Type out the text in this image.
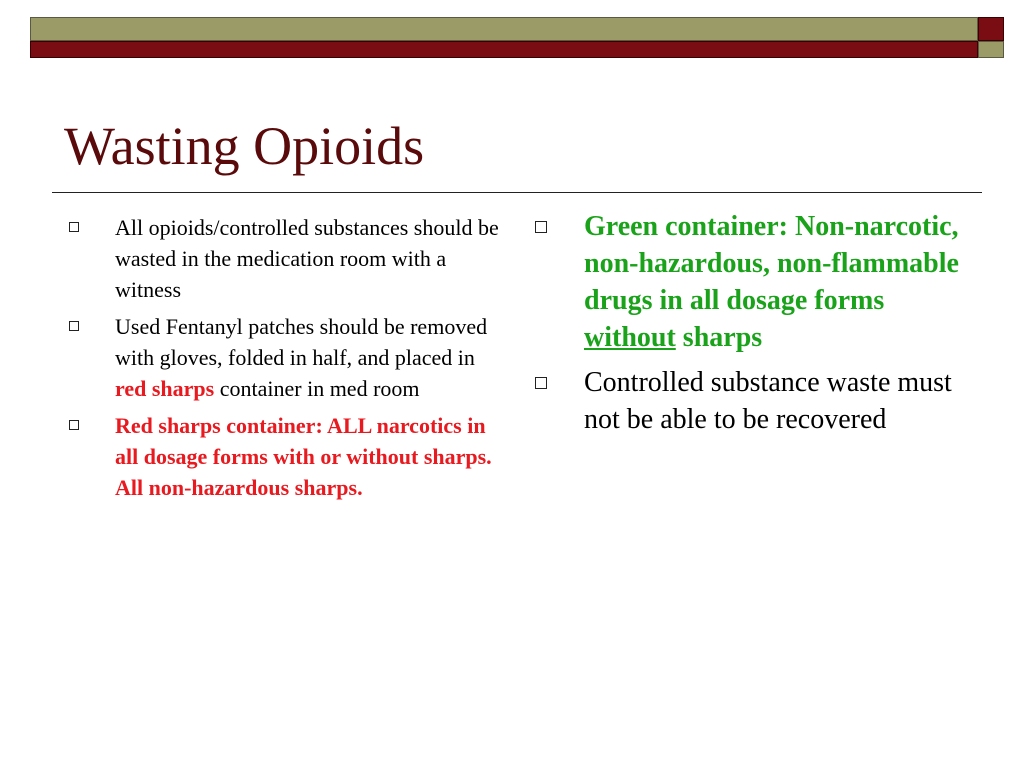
Wasting Opioids
All opioids/controlled substances should be wasted in the medication room with a witness
Used Fentanyl patches should be removed with gloves, folded in half, and placed in red sharps container in med room
Red sharps container: ALL narcotics in all dosage forms with or without sharps. All non-hazardous sharps.
Green container: Non-narcotic, non-hazardous, non-flammable drugs in all dosage forms without sharps
Controlled substance waste must not be able to be recovered
